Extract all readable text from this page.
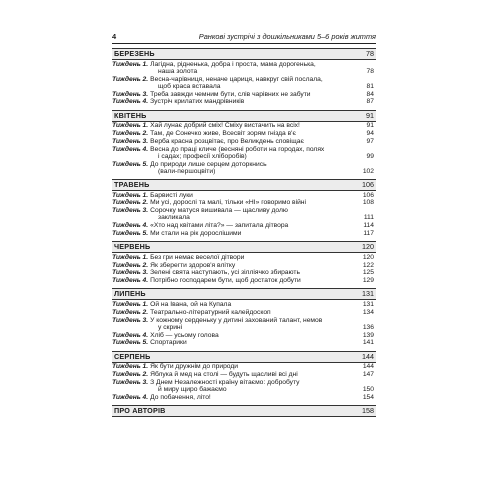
4	Ранкові зустрічі з дошкільниками 5–6 років життя
БЕРЕЗЕНЬ	78
Тиждень 1. Лагідна, рідненька, добра і проста, мама дорогенька,
наша золота	78
Тиждень 2. Весна-чарівниця, неначе цариця, навкруг свій послала,
щоб краса вставала	81
Тиждень 3. Треба завжди чемним бути, слів чарівних не забути	84
Тиждень 4. Зустріч крилатих мандрівників	87
КВІТЕНЬ	91
Тиждень 1. Хай лунає добрий сміх! Сміху вистачить на всіх!	91
Тиждень 2. Там, де Сонечко живе, Всесвіт зорям гнізда в'є	94
Тиждень 3. Верба красна розцвітає, про Великдень сповіщає	97
Тиждень 4. Весна до праці кличе (весняні роботи на городах, полях
і садах; професії хліборобів)	99
Тиждень 5. До природи лише серцем доторкнись
(вали-першоцвіти)	102
ТРАВЕНЬ	106
Тиждень 1. Барвисті луки	106
Тиждень 2. Ми усі, дорослі та малі, тільки «НІ» говоримо війні	108
Тиждень 3. Сорочку матуся вишивала — щасливу долю
закликала	111
Тиждень 4. «Хто над квітами літа?» — запитала дітвора	114
Тиждень 5. Ми стали на рік дорослішими	117
ЧЕРВЕНЬ	120
Тиждень 1. Без гри немає веселої дітвори	120
Тиждень 2. Як зберегти здоров'я влітку	122
Тиждень 3. Зелені свята наступають, усі зілліячко збирають	125
Тиждень 4. Потрібно господарем бути, щоб достаток добути	129
ЛИПЕНЬ	131
Тиждень 1. Ой на Івана, ой на Купала	131
Тиждень 2. Театрально-літературний калейдоскоп	134
Тиждень 3. У кожному серденьку у дитині захований талант, немов
у скрині	136
Тиждень 4. Хліб — усьому голова	139
Тиждень 5. Спортарики	141
СЕРПЕНЬ	144
Тиждень 1. Як бути дружнім до природи	144
Тиждень 2. Яблука й мед на столі — будуть щасливі всі дні	147
Тиждень 3. З Днем Незалежності країну вітаємо: добробуту
й миру щиро бажаємо	150
Тиждень 4. До побачення, літо!	154
ПРО АВТОРІВ	158
